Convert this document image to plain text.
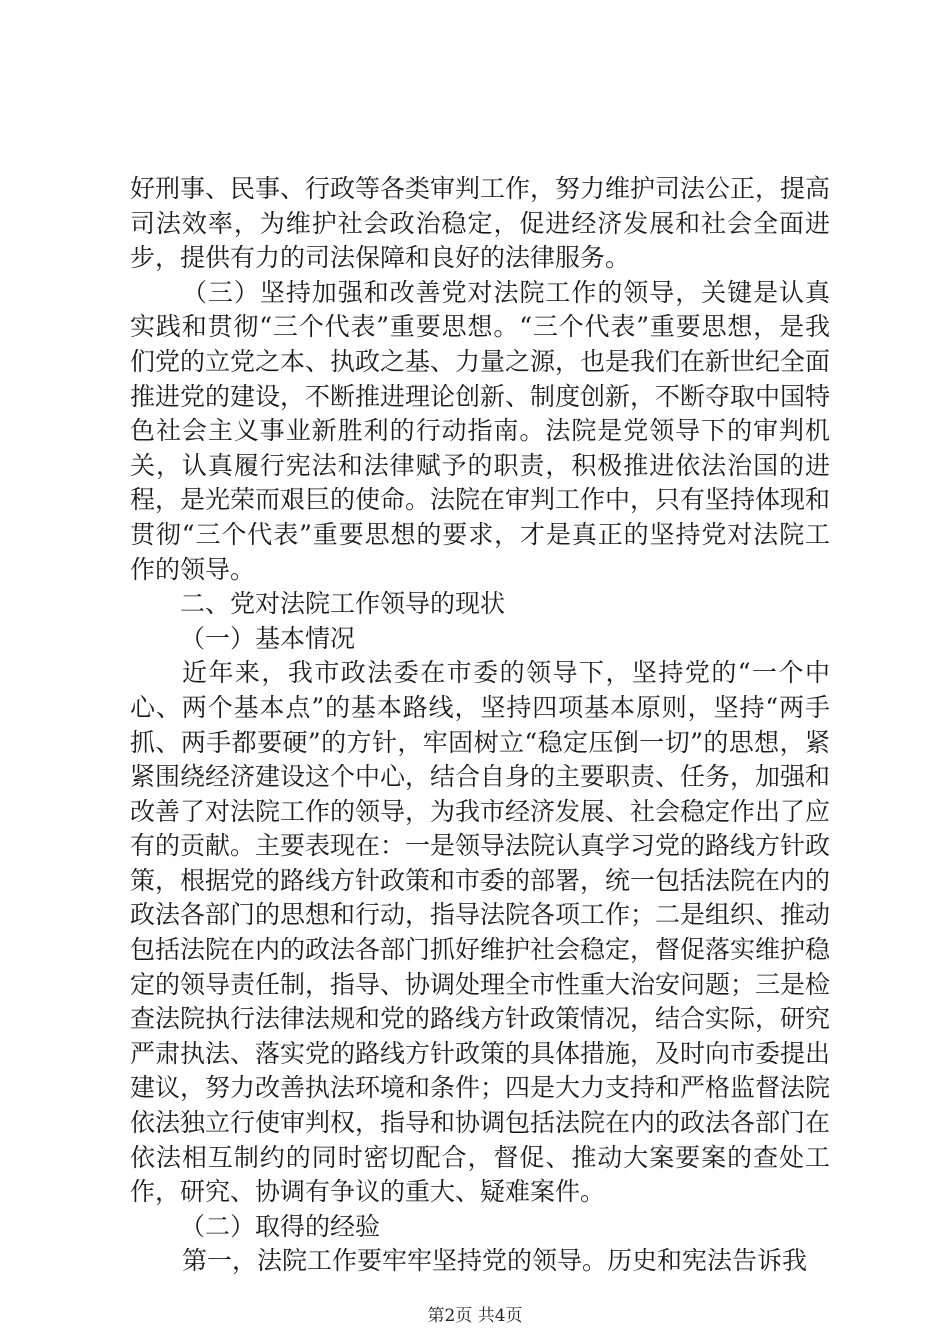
好刑事、民事、行政等各类审判工作，努力维护司法公正，提高司法效率，为维护社会政治稳定，促进经济发展和社会全面进步，提供有力的司法保障和良好的法律服务。

（三）坚持加强和改善党对法院工作的领导，关键是认真实践和贯彻“三个代表”重要思想。“三个代表”重要思想，是我们党的立党之本、执政之基、力量之源，也是我们在新世纪全面推进党的建设，不断推进理论创新、制度创新，不断夺取中国特色社会主义事业新胜利的行动指南。法院是党领导下的审判机关，认真履行宪法和法律赋予的职责，积极推进依法治国的进程，是光荣而艰巨的使命。法院在审判工作中，只有坚持体现和贯彻“三个代表”重要思想的要求，才是真正的坚持党对法院工作的领导。

二、党对法院工作领导的现状

（一）基本情况

近年来，我市政法委在市委的领导下，坚持党的“一个中心、两个基本点”的基本路线，坚持四项基本原则，坚持“两手抓、两手都要硬”的方针，牢固树立“稳定压倒一切”的思想，紧紧围绕经济建设这个中心，结合自身的主要职责、任务，加强和改善了对法院工作的领导，为我市经济发展、社会稳定作出了应有的贡献。主要表现在：一是领导法院认真学习党的路线方针政策，根据党的路线方针政策和市委的部署，统一包括法院在内的政法各部门的思想和行动，指导法院各项工作；二是组织、推动包括法院在内的政法各部门抓好维护社会稳定，督促落实维护稳定的领导责任制，指导、协调处理全市性重大治安问题；三是检查法院执行法律法规和党的路线方针政策情况，结合实际，研究严肃执法、落实党的路线方针政策的具体措施，及时向市委提出建议，努力改善执法环境和条件；四是大力支持和严格监督法院依法独立行使审判权，指导和协调包括法院在内的政法各部门在依法相互制约的同时密切配合，督促、推动大案要案的查处工作，研究、协调有争议的重大、疑难案件。

（二）取得的经验

第一，法院工作要牢牢坚持党的领导。历史和宪法告诉我

第2页 共4页
